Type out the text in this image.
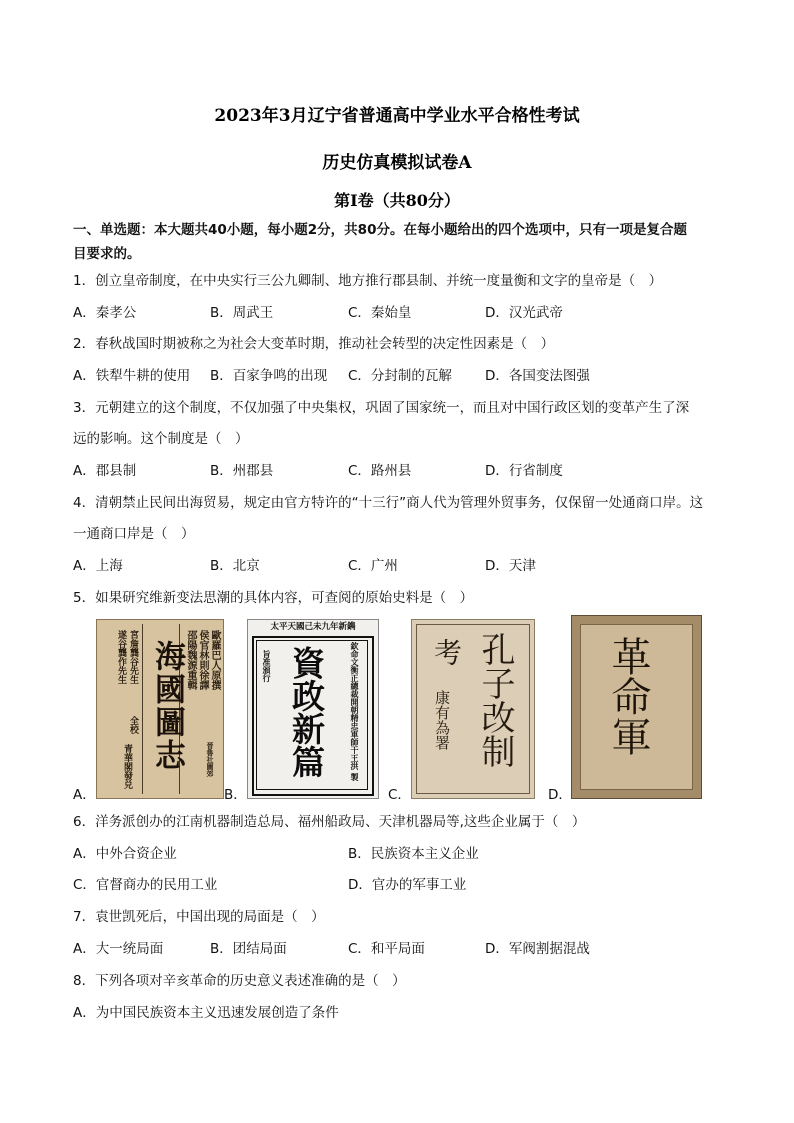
2023年3月辽宁省普通高中学业水平合格性考试
历史仿真模拟试卷A
第I卷（共80分）
一、单选题：本大题共40小题，每小题2分，共80分。在每小题给出的四个选项中，只有一项是复合题
目要求的。
1．创立皇帝制度，在中央实行三公九卿制、地方推行郡县制、并统一度量衡和文字的皇帝是（　）
A．秦孝公	B．周武王	C．秦始皇	D．汉光武帝
2．春秋战国时期被称之为社会大变革时期，推动社会转型的决定性因素是（　）
A．铁犁牛耕的使用 B．百家争鸣的出现 C．分封制的瓦解 D．各国变法图强
3．元朝建立的这个制度，不仅加强了中央集权，巩固了国家统一，而且对中国行政区划的变革产生了深
远的影响。这个制度是（　）
A．郡县制	B．州郡县	C．路州县	D．行省制度
4．清朝禁止民间出海贸易，规定由官方特许的“十三行”商人代为管理外贸事务，仅保留一处通商口岸。这
一通商口岸是（　）
A．上海	B．北京	C．广州	D．天津
5．如果研究维新变法思潮的具体内容，可查阅的原始史料是（　）
海國圖志	歐羅巴人原撰
侯官林則徐譯
邵陽魏源重輯
宮詹龔谷先生
遂谷龔作先生
全校
青華閣發兑	晉魯社圖郊
A．
太平天國己未九年新鐫
資政新篇	欽命文衡正總裁開朝精忠軍師干王洪 製
旨准頒行
B．
孔子改制
考
康有為署
C．
革命軍
D．
6．洋务派创办的江南机器制造总局、福州船政局、天津机器局等,这些企业属于（　）
A．中外合资企业	B．民族资本主义企业
C．官督商办的民用工业	D．官办的军事工业
7．袁世凯死后，中国出现的局面是（　）
A．大一统局面	B．团结局面	C．和平局面	D．军阀割据混战
8．下列各项对辛亥革命的历史意义表述准确的是（　）
A．为中国民族资本主义迅速发展创造了条件
